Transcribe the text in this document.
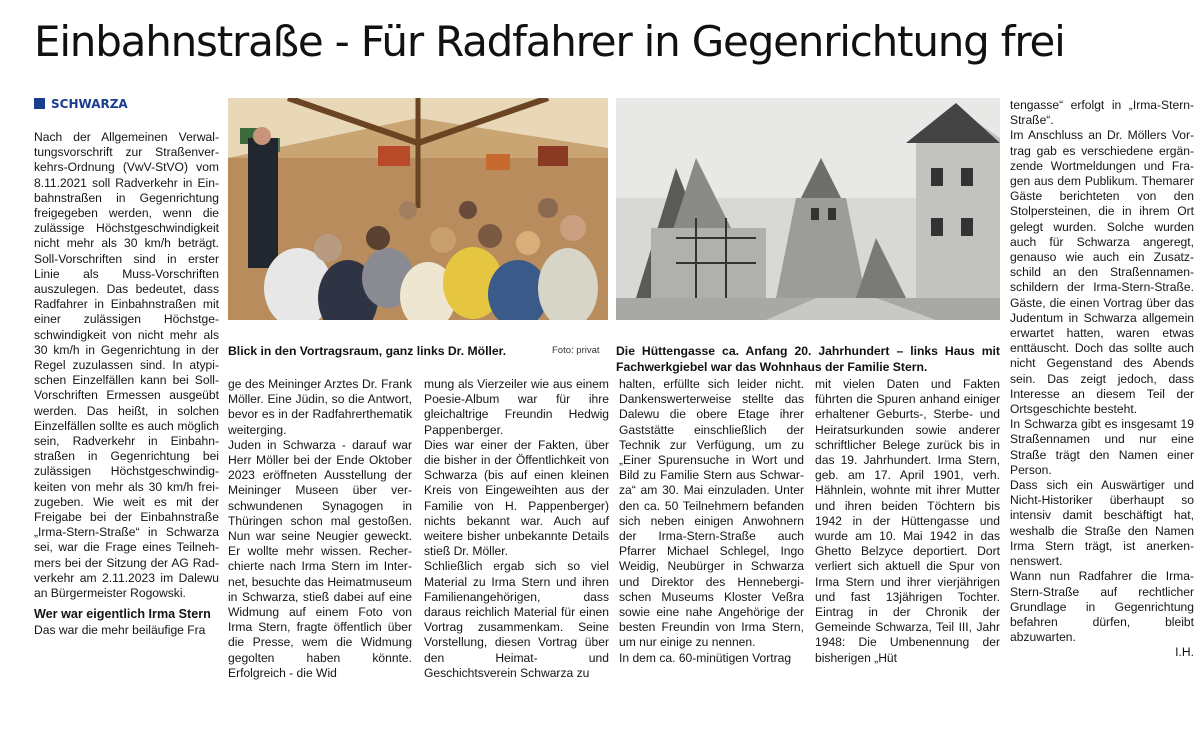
Einbahnstraße - Für Radfahrer in Gegenrichtung frei
SCHWARZA

Nach der Allgemeinen Verwaltungsvorschrift zur Straßenverkehrs-Ordnung (VwV-StVO) vom 8.11.2021 soll Radverkehr in Einbahnstraßen in Gegenrichtung freigegeben werden, wenn die zulässige Höchstgeschwindigkeit nicht mehr als 30 km/h beträgt. Soll-Vorschriften sind in erster Linie als Muss-Vorschriften auszulegen. Das bedeutet, dass Radfahrer in Einbahnstraßen mit einer zulässigen Höchstgeschwindigkeit von nicht mehr als 30 km/h in Gegenrichtung in der Regel zuzulassen sind. In atypischen Einzelfällen kann bei Soll-Vorschriften Ermessen ausgeübt werden. Das heißt, in solchen Einzelfällen sollte es auch möglich sein, Radverkehr in Einbahnstraßen in Gegenrichtung bei zulässigen Höchstgeschwindigkeiten von mehr als 30 km/h freizugeben. Wie weit es mit der Freigabe bei der Einbahnstraße „Irma-Stern-Straße“ in Schwarza sei, war die Frage eines Teilnehmers bei der Sitzung der AG Radverkehr am 2.11.2023 im Dalewu an Bürgermeister Rogowski.

Wer war eigentlich Irma Stern

Das war die mehr beiläufige Fra

Blick in den Vortragsraum, ganz links Dr. Möller.	Foto: privat Die Hüttengasse ca. Anfang 20. Jahrhundert – links Haus mit Fachwerkgiebel war das Wohnhaus der Familie Stern.

ge des Meininger Arztes Dr. Frank Möller. Eine Jüdin, so die Antwort, bevor es in der Radfahrerthematik weiterging.

Juden in Schwarza - darauf war Herr Möller bei der Ende Oktober 2023 eröffneten Ausstellung der Meininger Museen über verschwundenen Synagogen in Thüringen schon mal gestoßen. Nun war seine Neugier geweckt. Er wollte mehr wissen. Recherchierte nach Irma Stern im Internet, besuchte das Heimatmuseum in Schwarza, stieß dabei auf eine Widmung auf einem Foto von Irma Stern, fragte öffentlich über die Presse, wem die Widmung gegolten haben könnte. Erfolgreich - die Wid

mung als Vierzeiler wie aus einem Poesie-Album war für ihre gleichaltrige Freundin Hedwig Pappenberger.

Dies war einer der Fakten, über die bisher in der Öffentlichkeit von Schwarza (bis auf einen kleinen Kreis von Eingeweihten aus der Familie von H. Pappenberger) nichts bekannt war. Auch auf weitere bisher unbekannte Details stieß Dr. Möller.

Schließlich ergab sich so viel Material zu Irma Stern und ihren Familienangehörigen, dass daraus reichlich Material für einen Vortrag zusammenkam. Seine Vorstellung, diesen Vortrag über den Heimat- und Geschichtsverein Schwarza zu

halten, erfüllte sich leider nicht. Dankenswerterweise stellte das Dalewu die obere Etage ihrer Gaststätte einschließlich der Technik zur Verfügung, um zu „Einer Spurensuche in Wort und Bild zu Familie Stern aus Schwarza“ am 30. Mai einzuladen. Unter den ca. 50 Teilnehmern befanden sich neben einigen Anwohnern der Irma-Stern-Straße auch Pfarrer Michael Schlegel, Ingo Weidig, Neubürger in Schwarza und Direktor des Hennebergischen Museums Kloster Veßra sowie eine nahe Angehörige der besten Freundin von Irma Stern, um nur einige zu nennen.

In dem ca. 60-minütigen Vortrag

mit vielen Daten und Fakten führten die Spuren anhand einiger erhaltener Geburts-, Sterbe- und Heiratsurkunden sowie anderer schriftlicher Belege zurück bis in das 19. Jahrhundert. Irma Stern, geb. am 17. April 1901, verh. Hähnlein, wohnte mit ihrer Mutter und ihren beiden Töchtern bis 1942 in der Hüttengasse und wurde am 10. Mai 1942 in das Ghetto Belzyce deportiert. Dort verliert sich aktuell die Spur von Irma Stern und ihrer vierjährigen und fast 13jährigen Tochter. Eintrag in der Chronik der Gemeinde Schwarza, Teil III, Jahr 1948: Die Umbenennung der bisherigen „Hüt

tengasse“ erfolgt in „Irma-Stern-Straße“.

Im Anschluss an Dr. Möllers Vortrag gab es verschiedene ergänzende Wortmeldungen und Fragen aus dem Publikum. Themarer Gäste berichteten von den Stolpersteinen, die in ihrem Ort gelegt wurden. Solche wurden auch für Schwarza angeregt, genauso wie auch ein Zusatzschild an den Straßennamenschildern der Irma-Stern-Straße. Gäste, die einen Vortrag über das Judentum in Schwarza allgemein erwartet hatten, waren etwas enttäuscht. Doch das sollte auch nicht Gegenstand des Abends sein. Das zeigt jedoch, dass Interesse an diesem Teil der Ortsgeschichte besteht.

In Schwarza gibt es insgesamt 19 Straßennamen und nur eine Straße trägt den Namen einer Person.

Dass sich ein Auswärtiger und Nicht-Historiker überhaupt so intensiv damit beschäftigt hat, weshalb die Straße den Namen Irma Stern trägt, ist anerkennenswert.

Wann nun Radfahrer die Irma-Stern-Straße auf rechtlicher Grundlage in Gegenrichtung befahren dürfen, bleibt abzuwarten.

I.H.
